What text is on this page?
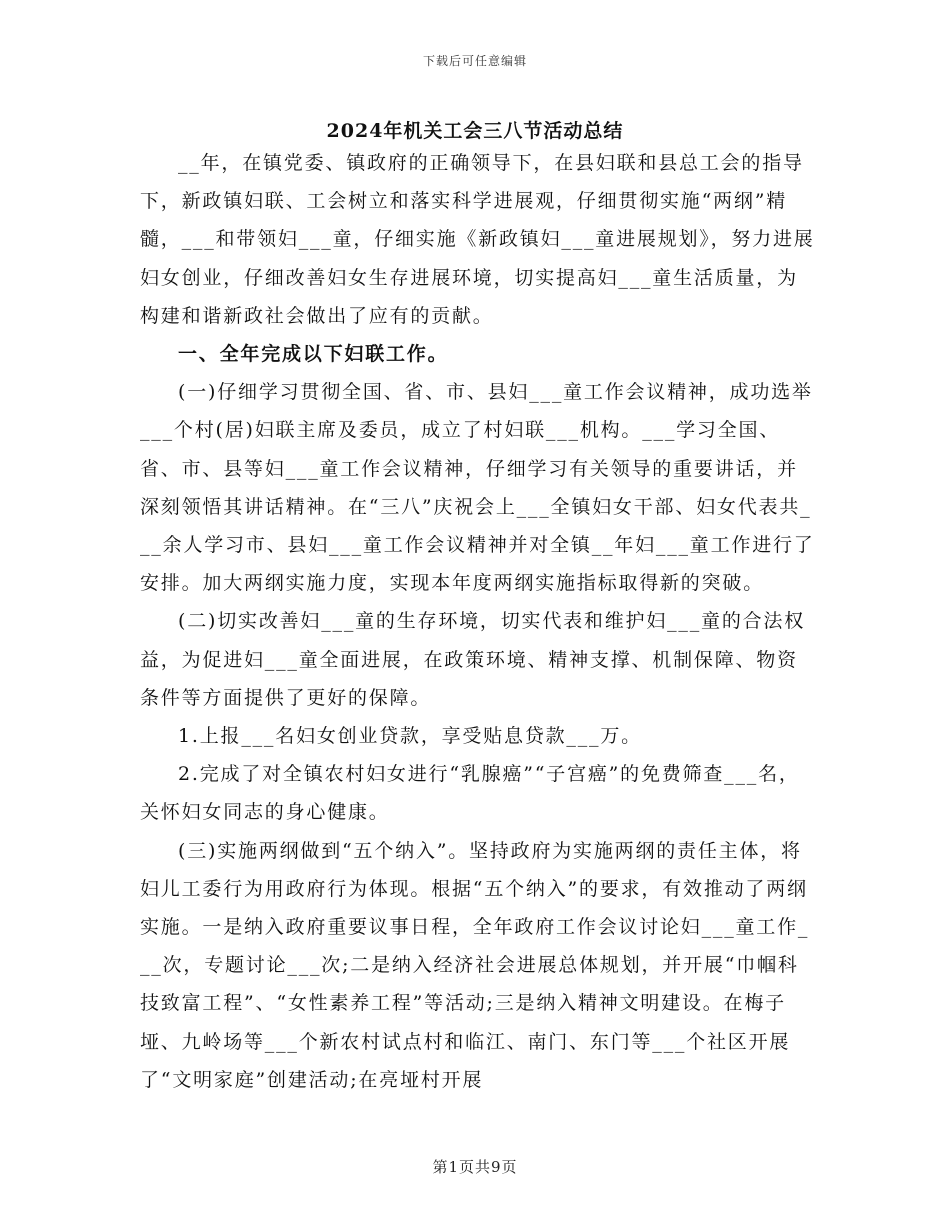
下载后可任意编辑
2024年机关工会三八节活动总结

__年，在镇党委、镇政府的正确领导下，在县妇联和县总工会的指导下，新政镇妇联、工会树立和落实科学进展观，仔细贯彻实施“两纲”精髓，___和带领妇___童，仔细实施《新政镇妇___童进展规划》，努力进展妇女创业，仔细改善妇女生存进展环境，切实提高妇___童生活质量，为构建和谐新政社会做出了应有的贡献。

一、全年完成以下妇联工作。

(一)仔细学习贯彻全国、省、市、县妇___童工作会议精神，成功选举___个村(居)妇联主席及委员，成立了村妇联___机构。___学习全国、省、市、县等妇___童工作会议精神，仔细学习有关领导的重要讲话，并深刻领悟其讲话精神。在“三八”庆祝会上___全镇妇女干部、妇女代表共___余人学习市、县妇___童工作会议精神并对全镇__年妇___童工作进行了安排。加大两纲实施力度，实现本年度两纲实施指标取得新的突破。

(二)切实改善妇___童的生存环境，切实代表和维护妇___童的合法权益，为促进妇___童全面进展，在政策环境、精神支撑、机制保障、物资条件等方面提供了更好的保障。

1.上报___名妇女创业贷款，享受贴息贷款___万。

2.完成了对全镇农村妇女进行“乳腺癌”“子宫癌”的免费筛查___名，关怀妇女同志的身心健康。

(三)实施两纲做到“五个纳入”。坚持政府为实施两纲的责任主体，将妇儿工委行为用政府行为体现。根据“五个纳入”的要求，有效推动了两纲实施。一是纳入政府重要议事日程，全年政府工作会议讨论妇___童工作___次，专题讨论___次;二是纳入经济社会进展总体规划，并开展“巾帼科技致富工程”、“女性素养工程”等活动;三是纳入精神文明建设。在梅子垭、九岭场等___个新农村试点村和临江、南门、东门等___个社区开展了“文明家庭”创建活动;在亮垭村开展

第1页共9页
